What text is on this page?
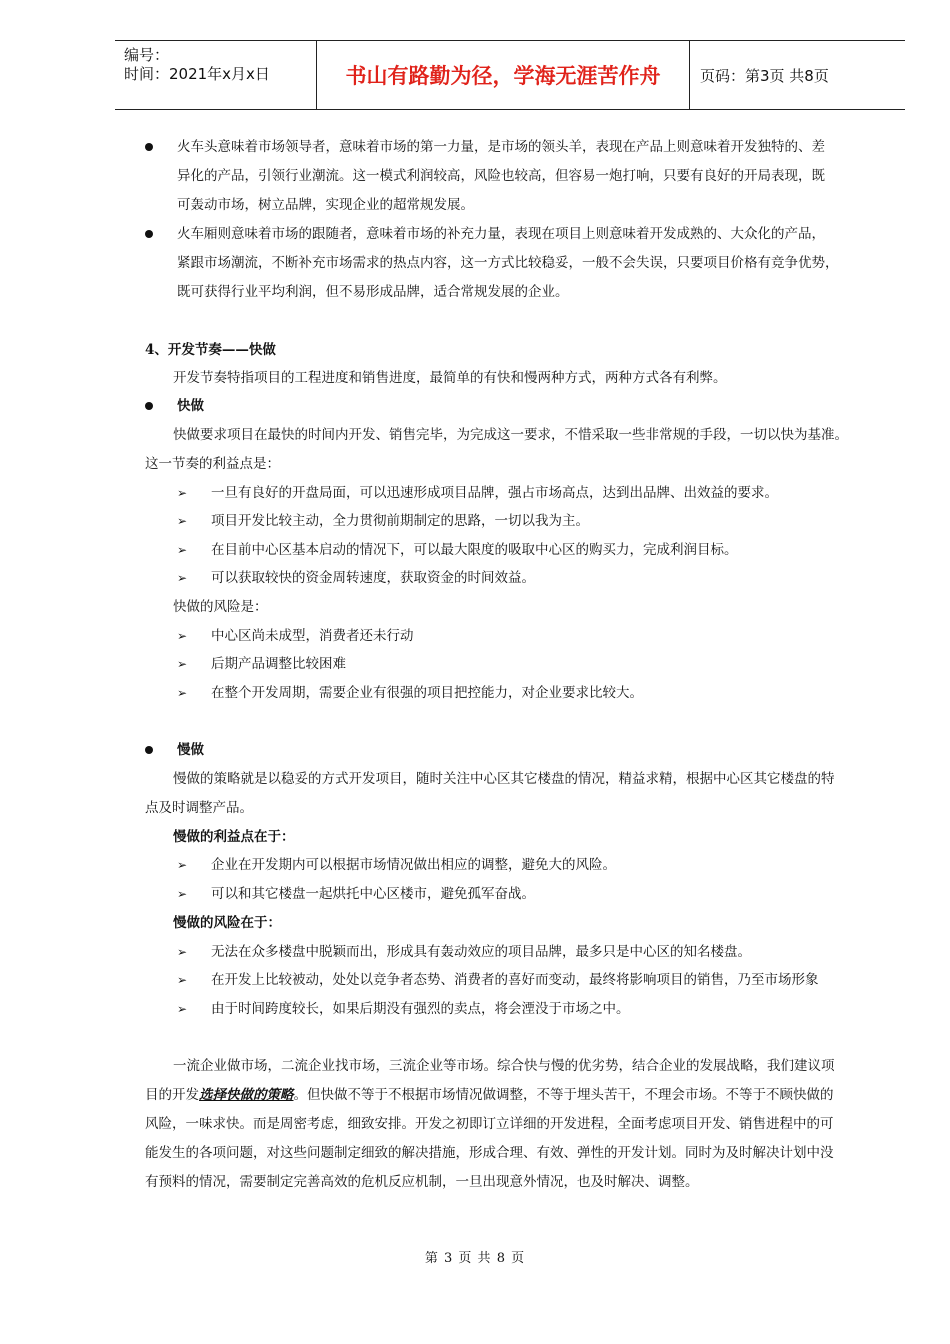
编号：
时间：2021年x月x日	书山有路勤为径，学海无涯苦作舟	页码：第3页 共8页
火车头意味着市场领导者，意味着市场的第一力量，是市场的领头羊，表现在产品上则意味着开发独特的、差
异化的产品，引领行业潮流。这一模式利润较高，风险也较高，但容易一炮打响，只要有良好的开局表现，既
可轰动市场，树立品牌，实现企业的超常规发展。
火车厢则意味着市场的跟随者，意味着市场的补充力量，表现在项目上则意味着开发成熟的、大众化的产品，
紧跟市场潮流，不断补充市场需求的热点内容，这一方式比较稳妥，一般不会失误，只要项目价格有竞争优势，
既可获得行业平均利润，但不易形成品牌，适合常规发展的企业。
4、开发节奏——快做
开发节奏特指项目的工程进度和销售进度，最简单的有快和慢两种方式，两种方式各有利弊。
快做
快做要求项目在最快的时间内开发、销售完毕，为完成这一要求，不惜采取一些非常规的手段，一切以快为基准。
这一节奏的利益点是：
➢ 一旦有良好的开盘局面，可以迅速形成项目品牌，强占市场高点，达到出品牌、出效益的要求。
➢ 项目开发比较主动，全力贯彻前期制定的思路，一切以我为主。
➢ 在目前中心区基本启动的情况下，可以最大限度的吸取中心区的购买力，完成利润目标。
➢ 可以获取较快的资金周转速度，获取资金的时间效益。
快做的风险是：
➢ 中心区尚未成型，消费者还未行动
➢ 后期产品调整比较困难
➢ 在整个开发周期，需要企业有很强的项目把控能力，对企业要求比较大。
慢做
慢做的策略就是以稳妥的方式开发项目，随时关注中心区其它楼盘的情况，精益求精，根据中心区其它楼盘的特
点及时调整产品。
慢做的利益点在于：
➢ 企业在开发期内可以根据市场情况做出相应的调整，避免大的风险。
➢ 可以和其它楼盘一起烘托中心区楼市，避免孤军奋战。
慢做的风险在于：
➢ 无法在众多楼盘中脱颖而出，形成具有轰动效应的项目品牌，最多只是中心区的知名楼盘。
➢ 在开发上比较被动，处处以竞争者态势、消费者的喜好而变动，最终将影响项目的销售，乃至市场形象
➢ 由于时间跨度较长，如果后期没有强烈的卖点，将会湮没于市场之中。
一流企业做市场，二流企业找市场，三流企业等市场。综合快与慢的优劣势，结合企业的发展战略，我们建议项
目的开发选择快做的策略。但快做不等于不根据市场情况做调整，不等于埋头苦干，不理会市场。不等于不顾快做的
风险，一味求快。而是周密考虑，细致安排。开发之初即订立详细的开发进程，全面考虑项目开发、销售进程中的可
能发生的各项问题，对这些问题制定细致的解决措施，形成合理、有效、弹性的开发计划。同时为及时解决计划中没
有预料的情况，需要制定完善高效的危机反应机制，一旦出现意外情况，也及时解决、调整。
第 3 页 共 8 页
